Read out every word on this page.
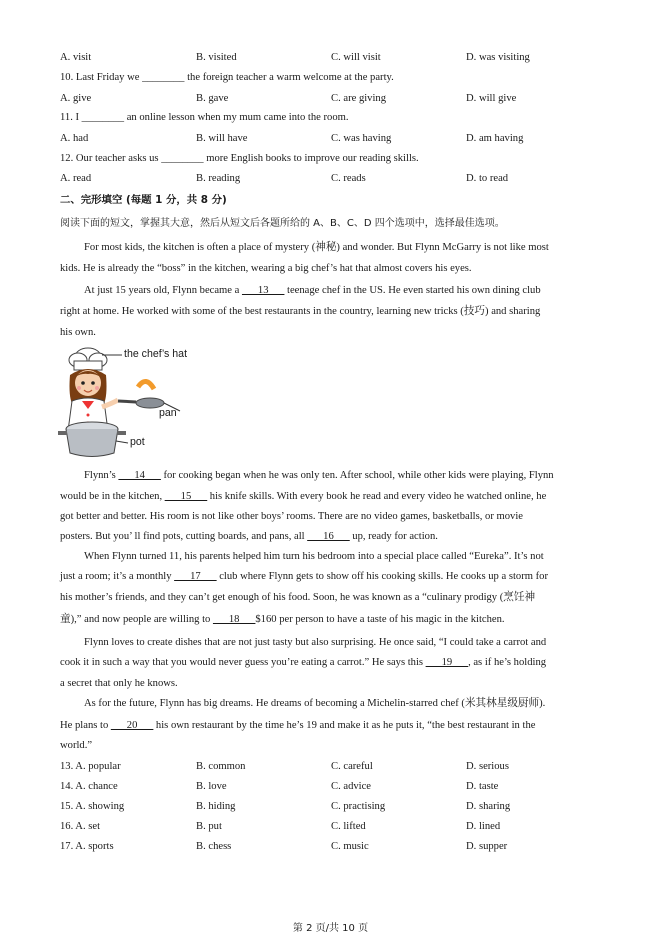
A. visit	B. visited	C. will visit	D. was visiting
10. Last Friday we ________ the foreign teacher a warm welcome at the party.
A. give	B. gave	C. are giving	D. will give
11. I ________ an online lesson when my mum came into the room.
A. had	B. will have	C. was having	D. am having
12. Our teacher asks us ________ more English books to improve our reading skills.
A. read	B. reading	C. reads	D. to read
二、完形填空 (每题 1 分，共 8 分)
阅读下面的短文，掌握其大意，然后从短文后各题所给的 A、B、C、D 四个选项中，选择最佳选项。
For most kids, the kitchen is often a place of mystery (神秘) and wonder. But Flynn McGarry is not like most
kids. He is already the “boss” in the kitchen, wearing a big chef’s hat that almost covers his eyes.
At just 15 years old, Flynn became a ___13___ teenage chef in the US. He even started his own dining club
right at home. He worked with some of the best restaurants in the country, learning new tricks (技巧) and sharing
his own.
the chef’s hat
pan
pot
Flynn’s ___14___ for cooking began when he was only ten. After school, while other kids were playing, Flynn
would be in the kitchen, ___15___ his knife skills. With every book he read and every video he watched online, he
got better and better. His room is not like other boys’ rooms. There are no video games, basketballs, or movie
posters. But you’ ll find pots, cutting boards, and pans, all ___16___ up, ready for action.
When Flynn turned 11, his parents helped him turn his bedroom into a special place called “Eureka”. It’s not
just a room; it’s a monthly ___17___ club where Flynn gets to show off his cooking skills. He cooks up a storm for
his mother’s friends, and they can’t get enough of his food. Soon, he was known as a “culinary prodigy (烹饪神
童),” and now people are willing to ___18___$160 per person to have a taste of his magic in the kitchen.
Flynn loves to create dishes that are not just tasty but also surprising. He once said, “I could take a carrot and
cook it in such a way that you would never guess you’re eating a carrot.” He says this ___19___, as if he’s holding
a secret that only he knows.
As for the future, Flynn has big dreams. He dreams of becoming a Michelin-starred chef (米其林星级厨师).
He plans to ___20___ his own restaurant by the time he’s 19 and make it as he puts it, “the best restaurant in the
world.”
13. A. popular	B. common	C. careful	D. serious
14. A. chance	B. love	C. advice	D. taste
15. A. showing	B. hiding	C. practising	D. sharing
16. A. set	B. put	C. lifted	D. lined
17. A. sports	B. chess	C. music	D. supper
第 2 页/共 10 页
